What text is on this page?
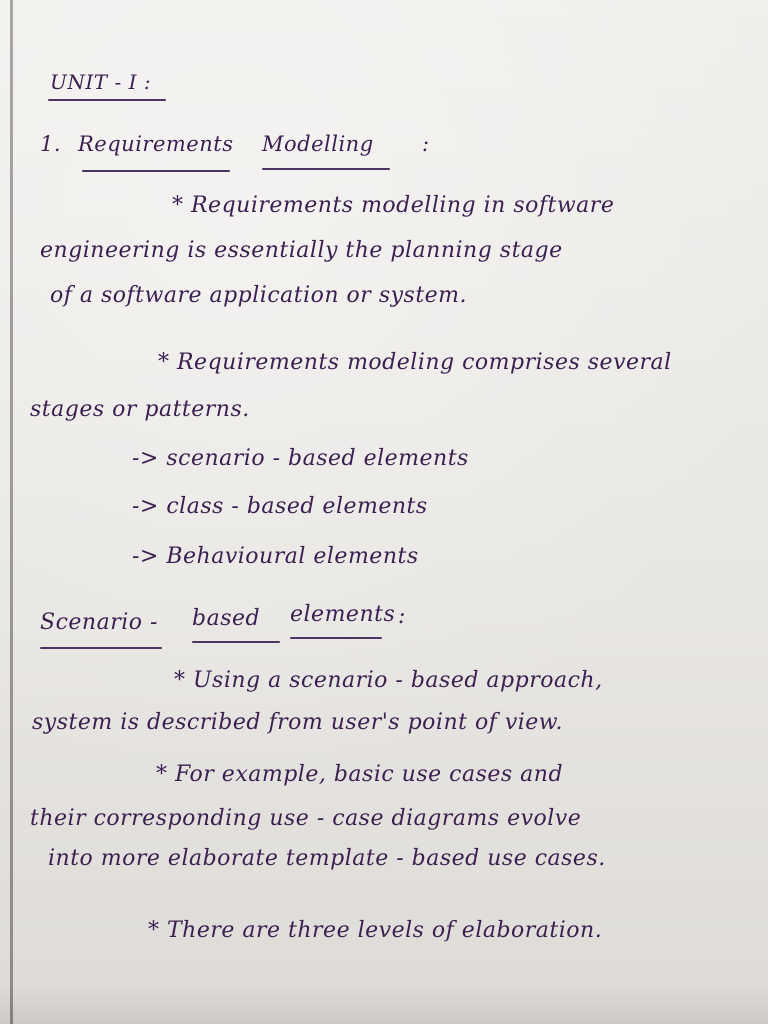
UNIT - I :
1. Requirements Modelling :
* Requirements modelling in software
engineering is essentially the planning stage
of a software application or system.
* Requirements modeling comprises several
stages or patterns.
-> scenario - based elements
-> class - based elements
-> Behavioural elements
Scenario - based elements :
* Using a scenario - based approach,
system is described from user's point of view.
* For example, basic use cases and
their corresponding use - case diagrams evolve
into more elaborate template - based use cases.
* There are three levels of elaboration.
